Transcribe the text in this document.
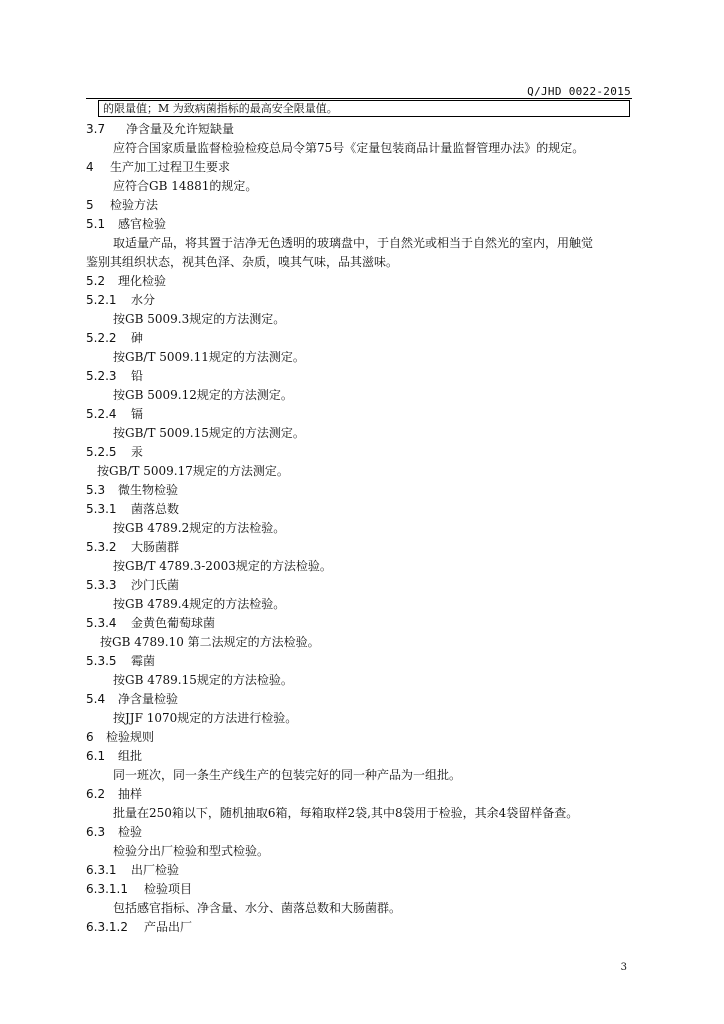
Q/JHD 0022-2015
的限量值；M 为致病菌指标的最高安全限量值。
3.7 净含量及允许短缺量
应符合国家质量监督检验检疫总局令第75号《定量包装商品计量监督管理办法》的规定。
4 生产加工过程卫生要求
应符合GB 14881的规定。
5 检验方法
5.1 感官检验
取适量产品，将其置于洁净无色透明的玻璃盘中，于自然光或相当于自然光的室内，用触觉
鉴别其组织状态，视其色泽、杂质，嗅其气味，品其滋味。
5.2 理化检验
5.2.1 水分
按GB 5009.3规定的方法测定。
5.2.2 砷
按GB/T 5009.11规定的方法测定。
5.2.3 铅
按GB 5009.12规定的方法测定。
5.2.4 镉
按GB/T 5009.15规定的方法测定。
5.2.5 汞
按GB/T 5009.17规定的方法测定。
5.3 微生物检验
5.3.1 菌落总数
按GB 4789.2规定的方法检验。
5.3.2 大肠菌群
按GB/T 4789.3-2003规定的方法检验。
5.3.3 沙门氏菌
按GB 4789.4规定的方法检验。
5.3.4 金黄色葡萄球菌
按GB 4789.10 第二法规定的方法检验。
5.3.5 霉菌
按GB 4789.15规定的方法检验。
5.4 净含量检验
按JJF 1070规定的方法进行检验。
6 检验规则
6.1 组批
同一班次，同一条生产线生产的包装完好的同一种产品为一组批。
6.2 抽样
批量在250箱以下，随机抽取6箱，每箱取样2袋,其中8袋用于检验，其余4袋留样备查。
6.3 检验
检验分出厂检验和型式检验。
6.3.1 出厂检验
6.3.1.1 检验项目
包括感官指标、净含量、水分、菌落总数和大肠菌群。
6.3.1.2 产品出厂
3
